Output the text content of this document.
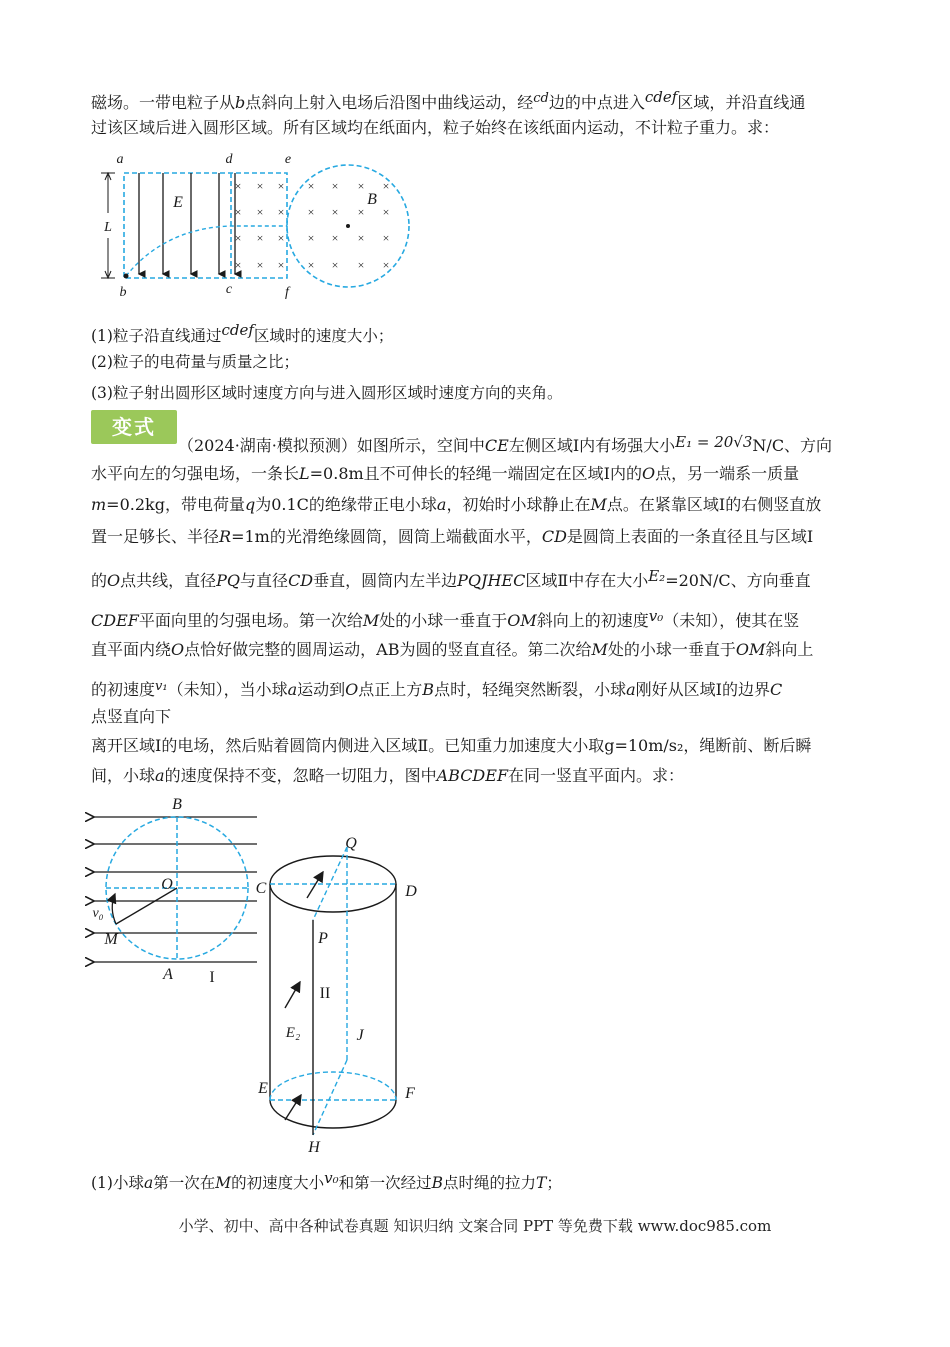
磁场。一带电粒子从b点斜向上射入电场后沿图中曲线运动，经$^{cd}$边的中点进入cdef区域，并沿直线通
过该区域后进入圆形区域。所有区域均在纸面内，粒子始终在该纸面内运动，不计粒子重力。求：
L
a	d	e
b	c	f
E	B
× × ×
× × ×
× × ×
× × ×
× × × ×
× × × ×
× × × ×
× × × ×
(1)粒子沿直线通过cdef区域时的速度大小；
(2)粒子的电荷量与质量之比；
(3)粒子射出圆形区域时速度方向与进入圆形区域时速度方向的夹角。
变式
（2024·湖南·模拟预测）如图所示，空间中CE左侧区域Ⅰ内有场强大小E₁ = 20√3N/C、方向
水平向左的匀强电场，一条长L=0.8m且不可伸长的轻绳一端固定在区域I内的O点，另一端系一质量
m=0.2kg，带电荷量q为0.1C的绝缘带正电小球a，初始时小球静止在M点。在紧靠区域Ⅰ的右侧竖直放
置一足够长、半径R=1m的光滑绝缘圆筒，圆筒上端截面水平，CD是圆筒上表面的一条直径且与区域Ⅰ
的O点共线，直径PQ与直径CD垂直，圆筒内左半边PQJHEC区域Ⅱ中存在大小E₂=20N/C、方向垂直
CDEF平面向里的匀强电场。第一次给M处的小球一垂直于OM斜向上的初速度v₀（未知），使其在竖
直平面内绕O点恰好做完整的圆周运动，AB为圆的竖直直径。第二次给M处的小球一垂直于OM斜向上
的初速度$^{v_1}$（未知），当小球a运动到O点正上方B点时，轻绳突然断裂，小球a刚好从区域Ⅰ的边界C
点竖直向下
离开区域Ⅰ的电场，然后贴着圆筒内侧进入区域Ⅱ。已知重力加速度大小取g=10m/s₂，绳断前、断后瞬
间，小球a的速度保持不变，忽略一切阻力，图中ABCDEF在同一竖直平面内。求：
B
O	C	D
Q
v₀
M	P
A I
II
E₂	J
E	F
H
(1)小球a第一次在M的初速度大小v₀和第一次经过B点时绳的拉力T；
小学、初中、高中各种试卷真题 知识归纳 文案合同 PPT 等免费下载 www.doc985.com
